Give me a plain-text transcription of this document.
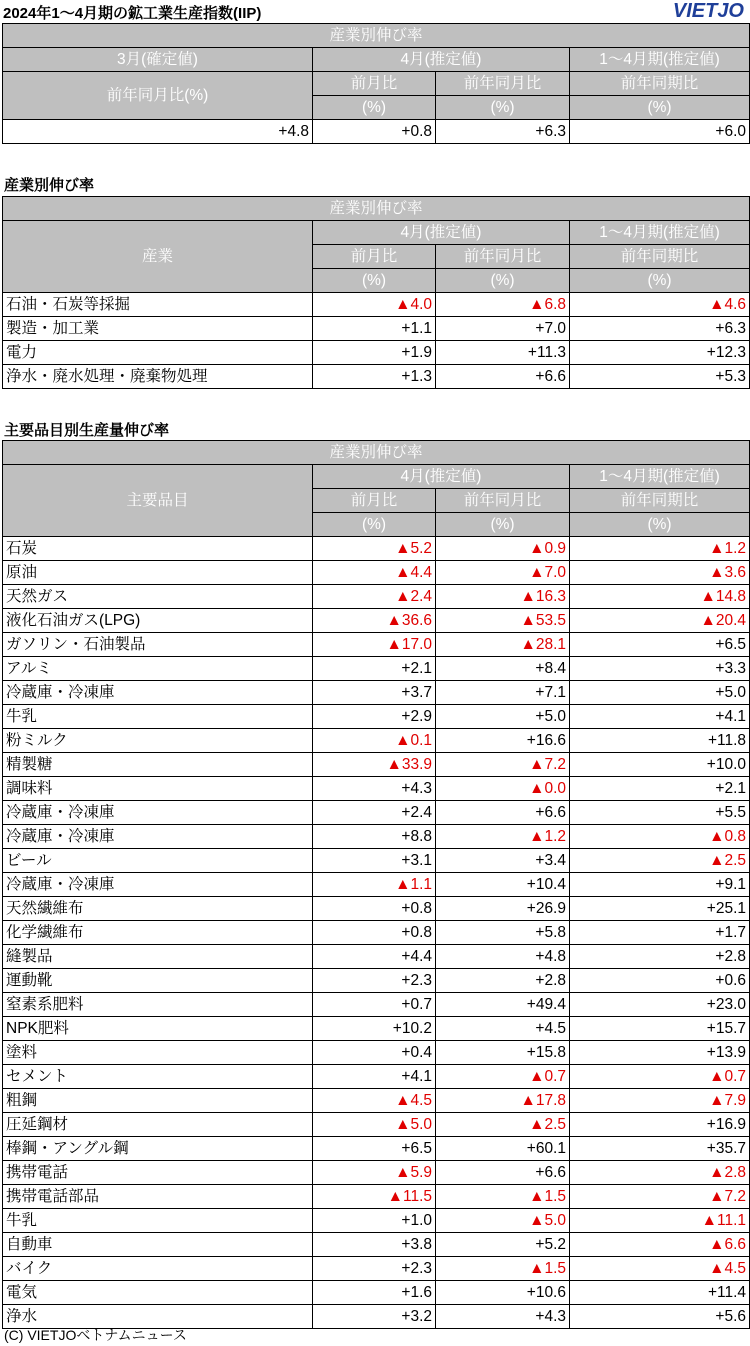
2024年1〜4月期の鉱工業生産指数(IIP)	VIETJO
産業別伸び率			
3月(確定値)	4月(推定値)		1〜4月期(推定値)
前年同月比(%)	前月比	前年同月比	前年同期比
	(%)	(%)	(%)
+4.8	+0.8	+6.3	+6.0
産業別伸び率
産業別伸び率			
産業	4月(推定値)		1〜4月期(推定値)
	前月比	前年同月比	前年同期比
	(%)	(%)	(%)
石油・石炭等採掘	▲4.0	▲6.8	▲4.6
製造・加工業	+1.1	+7.0	+6.3
電力	+1.9	+11.3	+12.3
浄水・廃水処理・廃棄物処理	+1.3	+6.6	+5.3
主要品目別生産量伸び率
産業別伸び率			
主要品目	4月(推定値)		1〜4月期(推定値)
	前月比	前年同月比	前年同期比
	(%)	(%)	(%)
石炭	▲5.2	▲0.9	▲1.2
原油	▲4.4	▲7.0	▲3.6
天然ガス	▲2.4	▲16.3	▲14.8
液化石油ガス(LPG)	▲36.6	▲53.5	▲20.4
ガソリン・石油製品	▲17.0	▲28.1	+6.5
アルミ	+2.1	+8.4	+3.3
冷蔵庫・冷凍庫	+3.7	+7.1	+5.0
牛乳	+2.9	+5.0	+4.1
粉ミルク	▲0.1	+16.6	+11.8
精製糖	▲33.9	▲7.2	+10.0
調味料	+4.3	▲0.0	+2.1
冷蔵庫・冷凍庫	+2.4	+6.6	+5.5
冷蔵庫・冷凍庫	+8.8	▲1.2	▲0.8
ビール	+3.1	+3.4	▲2.5
冷蔵庫・冷凍庫	▲1.1	+10.4	+9.1
天然繊維布	+0.8	+26.9	+25.1
化学繊維布	+0.8	+5.8	+1.7
縫製品	+4.4	+4.8	+2.8
運動靴	+2.3	+2.8	+0.6
窒素系肥料	+0.7	+49.4	+23.0
NPK肥料	+10.2	+4.5	+15.7
塗料	+0.4	+15.8	+13.9
セメント	+4.1	▲0.7	▲0.7
粗鋼	▲4.5	▲17.8	▲7.9
圧延鋼材	▲5.0	▲2.5	+16.9
棒鋼・アングル鋼	+6.5	+60.1	+35.7
携帯電話	▲5.9	+6.6	▲2.8
携帯電話部品	▲11.5	▲1.5	▲7.2
牛乳	+1.0	▲5.0	▲11.1
自動車	+3.8	+5.2	▲6.6
バイク	+2.3	▲1.5	▲4.5
電気	+1.6	+10.6	+11.4
浄水	+3.2	+4.3	+5.6
(C) VIETJOベトナムニュース
